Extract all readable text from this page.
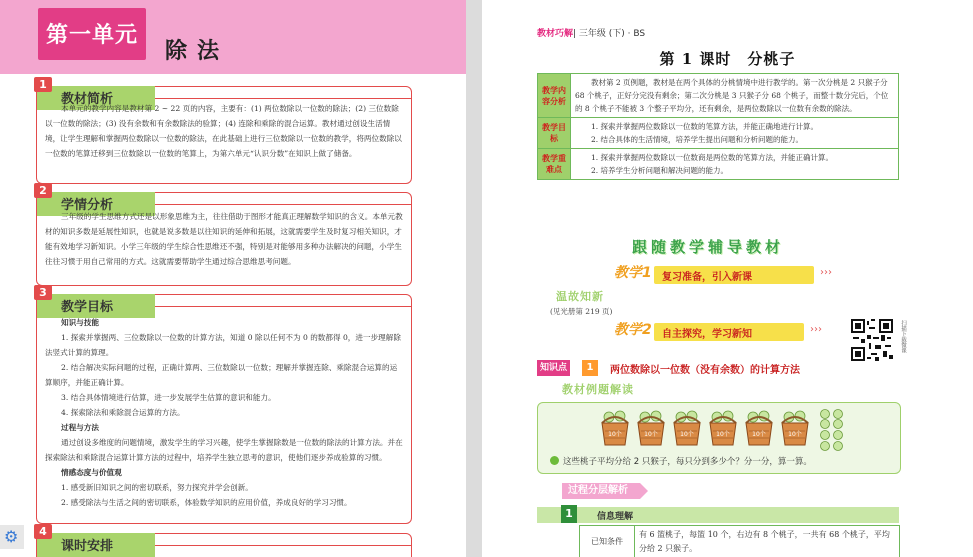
第一单元
除法
1
教材简析

本单元的教学内容是教材第 2 ~ 22 页的内容，主要有：(1) 两位数除以一位数的除法；(2) 三位数除以一位数的除法；(3) 没有余数和有余数除法的验算；(4) 连除和乘除的混合运算。教材通过创设生活情境，让学生理解和掌握两位数除以一位数的除法，在此基础上进行三位数除以一位数的教学，将两位数除以一位数的笔算迁移到三位数除以一位数的笔算上，为第六单元“认识分数”在知识上做了储备。

2
学情分析

三年级的学生思维方式还是以形象思维为主，往往借助于图形才能真正理解数学知识的含义。本单元教材的知识多数是延展性知识，也就是说多数是以往知识的延伸和拓展，这就需要学生及时复习相关知识，才能有效地学习新知识。小学三年级的学生综合性思维还不强，特别是对能够用多种办法解决的问题，小学生往往习惯于用自己常用的方式。这就需要帮助学生通过综合思维思考问题。

3
教学目标

知识与技能

1. 探索并掌握两、三位数除以一位数的计算方法，知道 0 除以任何不为 0 的数都得 0，进一步理解除法竖式计算的算理。

2. 结合解决实际问题的过程，正确计算两、三位数除以一位数；理解并掌握连除、乘除混合运算的运算顺序，并能正确计算。

3. 结合具体情境进行估算，进一步发展学生估算的意识和能力。

4. 探索除法和乘除混合运算的方法。

过程与方法

通过创设多维度的问题情境，激发学生的学习兴趣，使学生掌握除数是一位数的除法的计算方法。并在探索除法和乘除混合运算计算方法的过程中，培养学生独立思考的意识，使他们逐步养成验算的习惯。

情感态度与价值观

1. 感受新旧知识之间的密切联系，努力探究并学会创新。

2. 感受除法与生活之间的密切联系，体验数学知识的应用价值，养成良好的学习习惯。

4
课时安排
⚙
教材巧解| 三年级 (下) · BS
第 1 课时　分桃子
教学内容分析	教材第 2 页例题，教材是在两个具体的分桃情境中进行教学的。第一次分桃是 2 只猴子分 68 个桃子，正好分完没有剩余；第二次分桃是 3 只猴子分 68 个桃子，而整十数分完后，个位的 8 个桃子不能被 3 个整子平均分，还有剩余，是两位数除以一位数有余数的除法。

教学目标	1. 探索并掌握两位数除以一位数的笔算方法，并能正确地进行计算。

2. 结合具体的生活情境，培养学生提出问题和分析问题的能力。

教学重难点	1. 探索并掌握两位数除以一位数商是两位数的笔算方法，并能正确计算。

2. 培养学生分析问题和解决问题的能力。

跟随教学辅导教材
教学1 复习准备，引入新课	›››
温故知新
(见光册第 219 页)
教学2 自主探究，学习新知	›››	扫描下载微课
知识点	1	两位数除以一位数（没有余数）的计算方法
教材例题解读
10个	10个	10个	10个	10个	10个
这些桃子平均分给 2 只猴子，每只分到多少个？分一分，算一算。
过程分层解析
1	信息理解
已知条件	有 6 篮桃子，每篮 10 个，右边有 8 个桃子，一共有 68 个桃子，平均分给 2 只猴子。
